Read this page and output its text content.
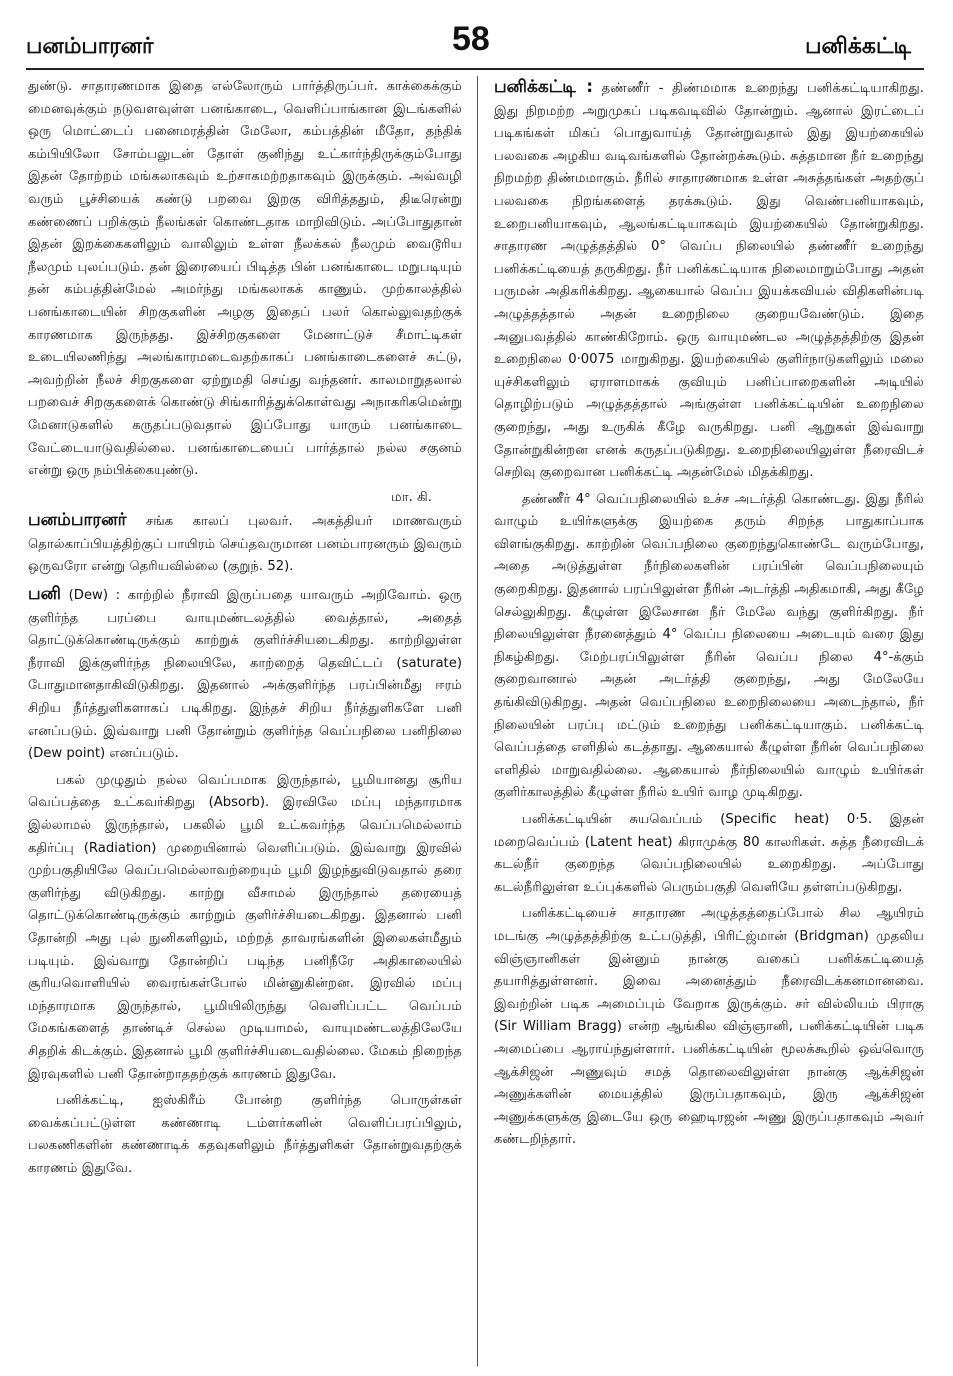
பனம்பாரனர்	58	பனிக்கட்டி

துண்டு. சாதாரணமாக இதை எல்லோரும் பார்த்திருப்பர். காக்கைக்கும் மைனவுக்கும் நடுவளவுள்ள பனங்காடை, வெளிப்பாங்கான இடங்களில் ஒரு மொட்டைப் பனைமரத்தின் மேலோ, கம்பத்தின் மீதோ, தந்திக் கம்பியிலோ சோம்பலுடன் தோள் குனிந்து உட்கார்ந்திருக்கும்போது இதன் தோற்றம் மங்கலாகவும் உற்சாகமற்றதாகவும் இருக்கும். அவ்வழி வரும் பூச்சியைக் கண்டு பறவை இறகு விரித்ததும், திடீரென்று கண்ணைப் பறிக்கும் நீலங்கள் கொண்டதாக மாறிவிடும். அப்போதுதான் இதன் இறக்கைகளிலும் வாலிலும் உள்ள நீலக்கல் நீலமும் வைடூரிய நீலமும் புலப்படும். தன் இரையைப் பிடித்த பின் பனங்காடை மறுபடியும் தன் கம்பத்தின்மேல் அமர்ந்து மங்கலாகக் காணும். முற்காலத்தில் பனங்காடையின் சிறகுகளின் அழகு இதைப் பலர் கொல்லுவதற்குக் காரணமாக இருந்தது. இச்சிறகுகளை மேனாட்டுச் சீமாட்டிகள் உடையிலணிந்து அலங்காரமடைவதற்காகப் பனங்காடைகளைச் சுட்டு, அவற்றின் நீலச் சிறகுகளை ஏற்றுமதி செய்து வந்தனர். காலமாறுதலால் பறவைச் சிறகுகளைக் கொண்டு சிங்காரித்துக்கொள்வது அநாகரிகமென்று மேனாடுகளில் கருதப்படுவதால் இப்போது யாரும் பனங்காடை வேட்டையாடுவதில்லை. பனங்காடையைப் பார்த்தால் நல்ல சகுனம் என்று ஒரு நம்பிக்கையுண்டு.

மா. கி.

பனம்பாரனர் சங்க காலப் புலவர். அகத்தியர் மாணவரும் தொல்காப்பியத்திற்குப் பாயிரம் செய்தவருமான பனம்பாரனரும் இவரும் ஒருவரோ என்று தெரியவில்லை (குறுந். 52).

பனி (Dew) : காற்றில் நீராவி இருப்பதை யாவரும் அறிவோம். ஒரு குளிர்ந்த பரப்பை வாயுமண்டலத்தில் வைத்தால், அதைத் தொட்டுக்கொண்டிருக்கும் காற்றுக் குளிர்ச்சியடைகிறது. காற்றிலுள்ள நீராவி இக்குளிர்ந்த நிலையிலே, காற்றைத் தெவிட்டப் (saturate) போதுமானதாகிவிடுகிறது. இதனால் அக்குளிர்ந்த பரப்பின்மீது ஈரம் சிறிய நீர்த்துளிகளாகப் படிகிறது. இந்தச் சிறிய நீர்த்துளிகளே பனி எனப்படும். இவ்வாறு பனி தோன்றும் குளிர்ந்த வெப்பநிலை பனிநிலை (Dew point) எனப்படும்.

பகல் முழுதும் நல்ல வெப்பமாக இருந்தால், பூமியானது சூரிய வெப்பத்தை உட்கவர்கிறது (Absorb). இரவிலே மப்பு மந்தாரமாக இல்லாமல் இருந்தால், பகலில் பூமி உட்கவர்ந்த வெப்பமெல்லாம் கதிர்ப்பு (Radiation) முறையினால் வெளிப்படும். இவ்வாறு இரவில் முற்பகுதியிலே வெப்பமெல்லாவற்றையும் பூமி இழந்துவிடுவதால் தரை குளிர்ந்து விடுகிறது. காற்று வீசாமல் இருந்தால் தரையைத் தொட்டுக்கொண்டிருக்கும் காற்றும் குளிர்ச்சியடைகிறது. இதனால் பனி தோன்றி அது புல் நுனிகளிலும், மற்றத் தாவரங்களின் இலைகள்மீதும் படியும். இவ்வாறு தோன்றிப் படிந்த பனிநீரே அதிகாலையில் சூரியவொளியில் வைரங்கள்போல் மின்னுகின்றன. இரவில் மப்பு மந்தாரமாக இருந்தால், பூமியிலிருந்து வெளிப்பட்ட வெப்பம் மேகங்களைத் தாண்டிச் செல்ல முடியாமல், வாயுமண்டலத்திலேயே சிதறிக் கிடக்கும். இதனால் பூமி குளிர்ச்சியடைவதில்லை. மேகம் நிறைந்த இரவுகளில் பனி தோன்றாததற்குக் காரணம் இதுவே.

பனிக்கட்டி, ஐஸ்கிரீம் போன்ற குளிர்ந்த பொருள்கள் வைக்கப்பட்டுள்ள கண்ணாடி டம்ளர்களின் வெளிப்பரப்பிலும், பலகணிகளின் கண்ணாடிக் கதவுகளிலும் நீர்த்துளிகள் தோன்றுவதற்குக் காரணம் இதுவே.

பனிக்கட்டி : தண்ணீர் - திண்மமாக உறைந்து பனிக்கட்டியாகிறது. இது நிறமற்ற அறுமுகப் படிகவடிவில் தோன்றும். ஆனால் இரட்டைப் படிகங்கள் மிகப் பொதுவாய்த் தோன்றுவதால் இது இயற்கையில் பலவகை அழகிய வடிவங்களில் தோன்றக்கூடும். சுத்தமான நீர் உறைந்து நிறமற்ற திண்மமாகும். நீரில் சாதாரணமாக உள்ள அசுத்தங்கள் அதற்குப் பலவகை நிறங்களைத் தரக்கூடும். இது வெண்பனியாகவும், உறைபனியாகவும், ஆலங்கட்டியாகவும் இயற்கையில் தோன்றுகிறது. சாதாரண அழுத்தத்தில் 0° வெப்ப நிலையில் தண்ணீர் உறைந்து பனிக்கட்டியைத் தருகிறது. நீர் பனிக்கட்டியாக நிலைமாறும்போது அதன் பருமன் அதிகரிக்கிறது. ஆகையால் வெப்ப இயக்கவியல் விதிகளின்படி அழுத்தத்தால் அதன் உறைநிலை குறையவேண்டும். இதை அனுபவத்தில் காண்கிறோம். ஒரு வாயுமண்டல அழுத்தத்திற்கு இதன் உறைநிலை 0·0075 மாறுகிறது. இயற்கையில் குளிர்நாடுகளிலும் மலை யுச்சிகளிலும் ஏராளமாகக் குவியும் பனிப்பாறைகளின் அடியில் தொழிற்படும் அழுத்தத்தால் அங்குள்ள பனிக்கட்டியின் உறைநிலை குறைந்து, அது உருகிக் கீழே வருகிறது. பனி ஆறுகள் இவ்வாறு தோன்றுகின்றன எனக் கருதப்படுகிறது. உறைநிலையிலுள்ள நீரைவிடச் செறிவு குறைவான பனிக்கட்டி அதன்மேல் மிதக்கிறது.

தண்ணீர் 4° வெப்பநிலையில் உச்ச அடர்த்தி கொண்டது. இது நீரில் வாழும் உயிர்களுக்கு இயற்கை தரும் சிறந்த பாதுகாப்பாக விளங்குகிறது. காற்றின் வெப்பநிலை குறைந்துகொண்டே வரும்போது, அதை அடுத்துள்ள நீர்நிலைகளின் பரப்பின் வெப்பநிலையும் குறைகிறது. இதனால் பரப்பிலுள்ள நீரின் அடர்த்தி அதிகமாகி, அது கீழே செல்லுகிறது. கீழுள்ள இலேசான நீர் மேலே வந்து குளிர்கிறது. நீர் நிலையிலுள்ள நீரனைத்தும் 4° வெப்ப நிலையை அடையும் வரை இது நிகழ்கிறது. மேற்பரப்பிலுள்ள நீரின் வெப்ப நிலை 4°-க்கும் குறைவானால் அதன் அடர்த்தி குறைந்து, அது மேலேயே தங்கிவிடுகிறது. அதன் வெப்பநிலை உறைநிலையை அடைந்தால், நீர் நிலையின் பரப்பு மட்டும் உறைந்து பனிக்கட்டியாகும். பனிக்கட்டி வெப்பத்தை எளிதில் கடத்தாது. ஆகையால் கீழுள்ள நீரின் வெப்பநிலை எளிதில் மாறுவதில்லை. ஆகையால் நீர்நிலையில் வாழும் உயிர்கள் குளிர்காலத்தில் கீழுள்ள நீரில் உயிர் வாழ முடிகிறது.

பனிக்கட்டியின் சுயவெப்பம் (Specific heat) 0·5. இதன் மறைவெப்பம் (Latent heat) கிராமுக்கு 80 காலரிகள். சுத்த நீரைவிடக் கடல்நீர் குறைந்த வெப்பநிலையில் உறைகிறது. அப்போது கடல்நீரிலுள்ள உப்புக்களில் பெரும்பகுதி வெளியே தள்ளப்படுகிறது.

பனிக்கட்டியைச் சாதாரண அழுத்தத்தைப்போல் சில ஆயிரம் மடங்கு அழுத்தத்திற்கு உட்படுத்தி, பிரிட்ஜ்மான் (Bridgman) முதலிய விஞ்ஞானிகள் இன்னும் நான்கு வகைப் பனிக்கட்டியைத் தயாரித்துள்ளனர். இவை அனைத்தும் நீரைவிடக்கனமானவை. இவற்றின் படிக அமைப்பும் வேறாக இருக்கும். சர் வில்லியம் பிராகு (Sir William Bragg) என்ற ஆங்கில விஞ்ஞானி, பனிக்கட்டியின் படிக அமைப்பை ஆராய்ந்துள்ளார். பனிக்கட்டியின் மூலக்கூறில் ஒவ்வொரு ஆக்சிஜன் அணுவும் சமத் தொலைவிலுள்ள நான்கு ஆக்சிஜன் அணுக்களின் மையத்தில் இருப்பதாகவும், இரு ஆக்சிஜன் அணுக்களுக்கு இடையே ஒரு ஹைடிரஜன் அணு இருப்பதாகவும் அவர் கண்டறிந்தார்.
